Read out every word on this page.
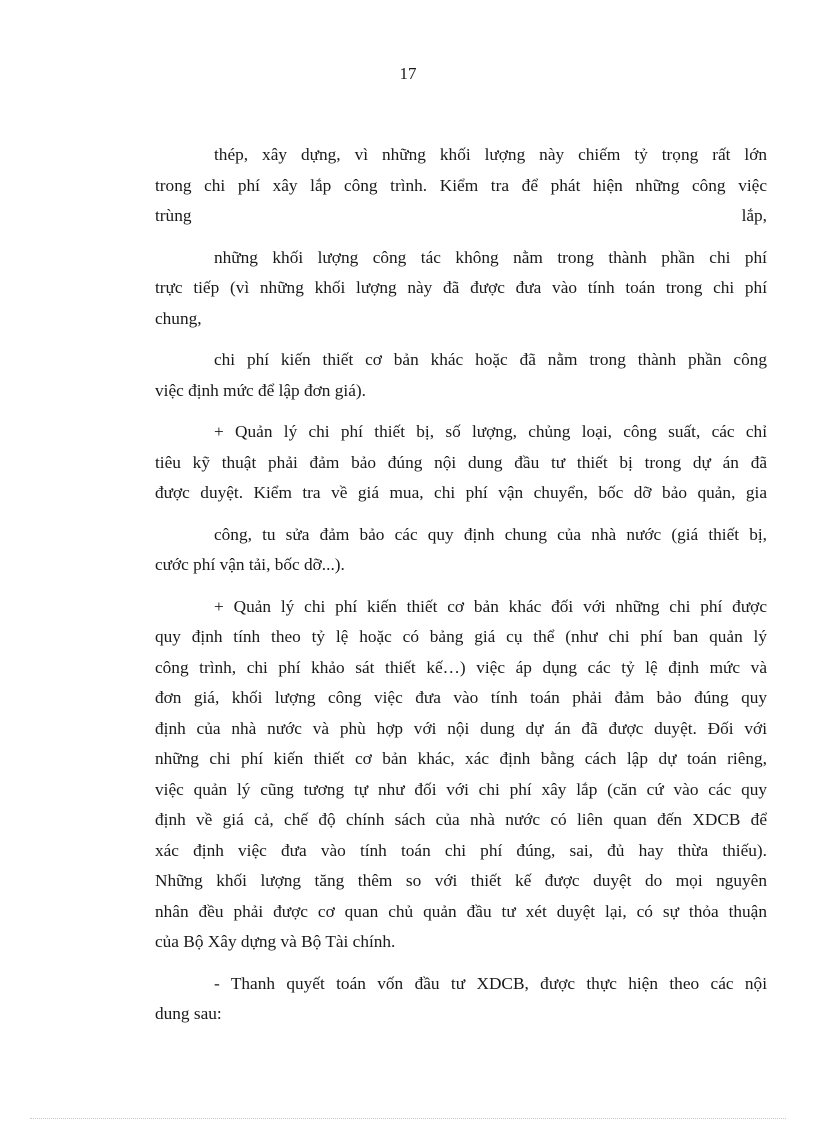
17
thép, xây dựng, vì những khối lượng này chiếm tỷ trọng rất lớn
trong chi phí xây lắp công trình. Kiểm tra để phát hiện những công việc
trùng lắp,
những khối lượng công tác không nằm trong thành phần chi phí
trực tiếp (vì những khối lượng này đã được đưa vào tính toán trong chi phí
chung,
chi phí kiến thiết cơ bản khác hoặc đã nằm trong thành phần công
việc định mức để lập đơn giá).
+ Quản lý chi phí thiết bị, số lượng, chủng loại, công suất, các chỉ
tiêu kỹ thuật phải đảm bảo đúng nội dung đầu tư thiết bị trong dự án đã
được duyệt. Kiểm tra về giá mua, chi phí vận chuyển, bốc dỡ bảo quản, gia
công, tu sửa đảm bảo các quy định chung của nhà nước (giá thiết bị,
cước phí vận tải, bốc dỡ...).
+ Quản lý chi phí kiến thiết cơ bản khác đối với những chi phí được
quy định tính theo tỷ lệ hoặc có bảng giá cụ thể (như chi phí ban quản lý
công trình, chi phí khảo sát thiết kế…) việc áp dụng các tỷ lệ định mức và
đơn giá, khối lượng công việc đưa vào tính toán phải đảm bảo đúng quy
định của nhà nước và phù hợp với nội dung dự án đã được duyệt. Đối với
những chi phí kiến thiết cơ bản khác, xác định bằng cách lập dự toán riêng,
việc quản lý cũng tương tự như đối với chi phí xây lắp (căn cứ vào các quy
định về giá cả, chế độ chính sách của nhà nước có liên quan đến XDCB để
xác định việc đưa vào tính toán chi phí đúng, sai, đủ hay thừa thiếu).
Những khối lượng tăng thêm so với thiết kế được duyệt do mọi nguyên
nhân đều phải được cơ quan chủ quản đầu tư xét duyệt lại, có sự thỏa thuận
của Bộ Xây dựng và Bộ Tài chính.
- Thanh quyết toán vốn đầu tư XDCB, được thực hiện theo các nội
dung sau:
